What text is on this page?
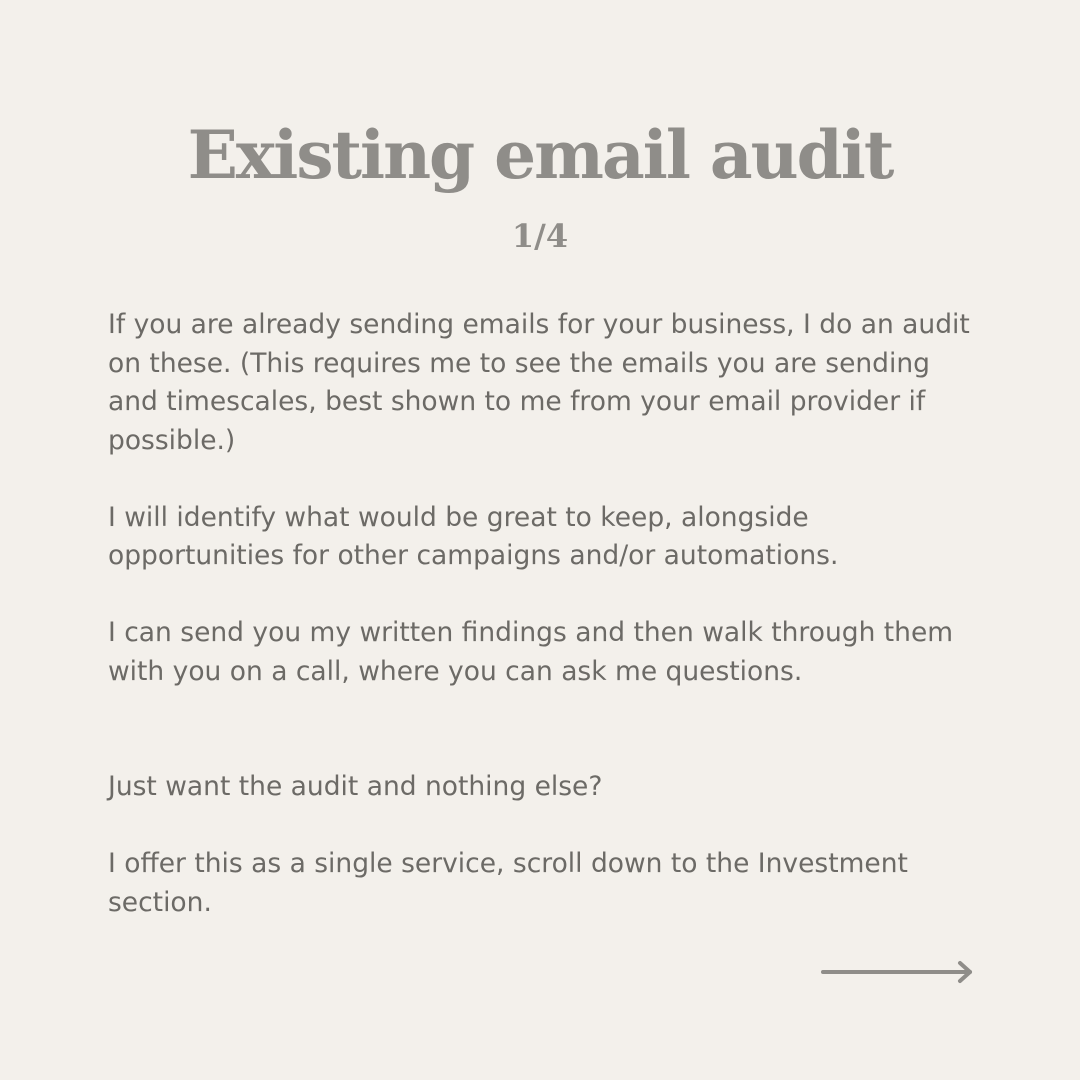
Existing email audit
1/4

If you are already sending emails for your business, I do an audit on these. (This requires me to see the emails you are sending and timescales, best shown to me from your email provider if possible.)

I will identify what would be great to keep, alongside opportunities for other campaigns and/or automations.

I can send you my written findings and then walk through them with you on a call, where you can ask me questions.

Just want the audit and nothing else?

I offer this as a single service, scroll down to the Investment section.
